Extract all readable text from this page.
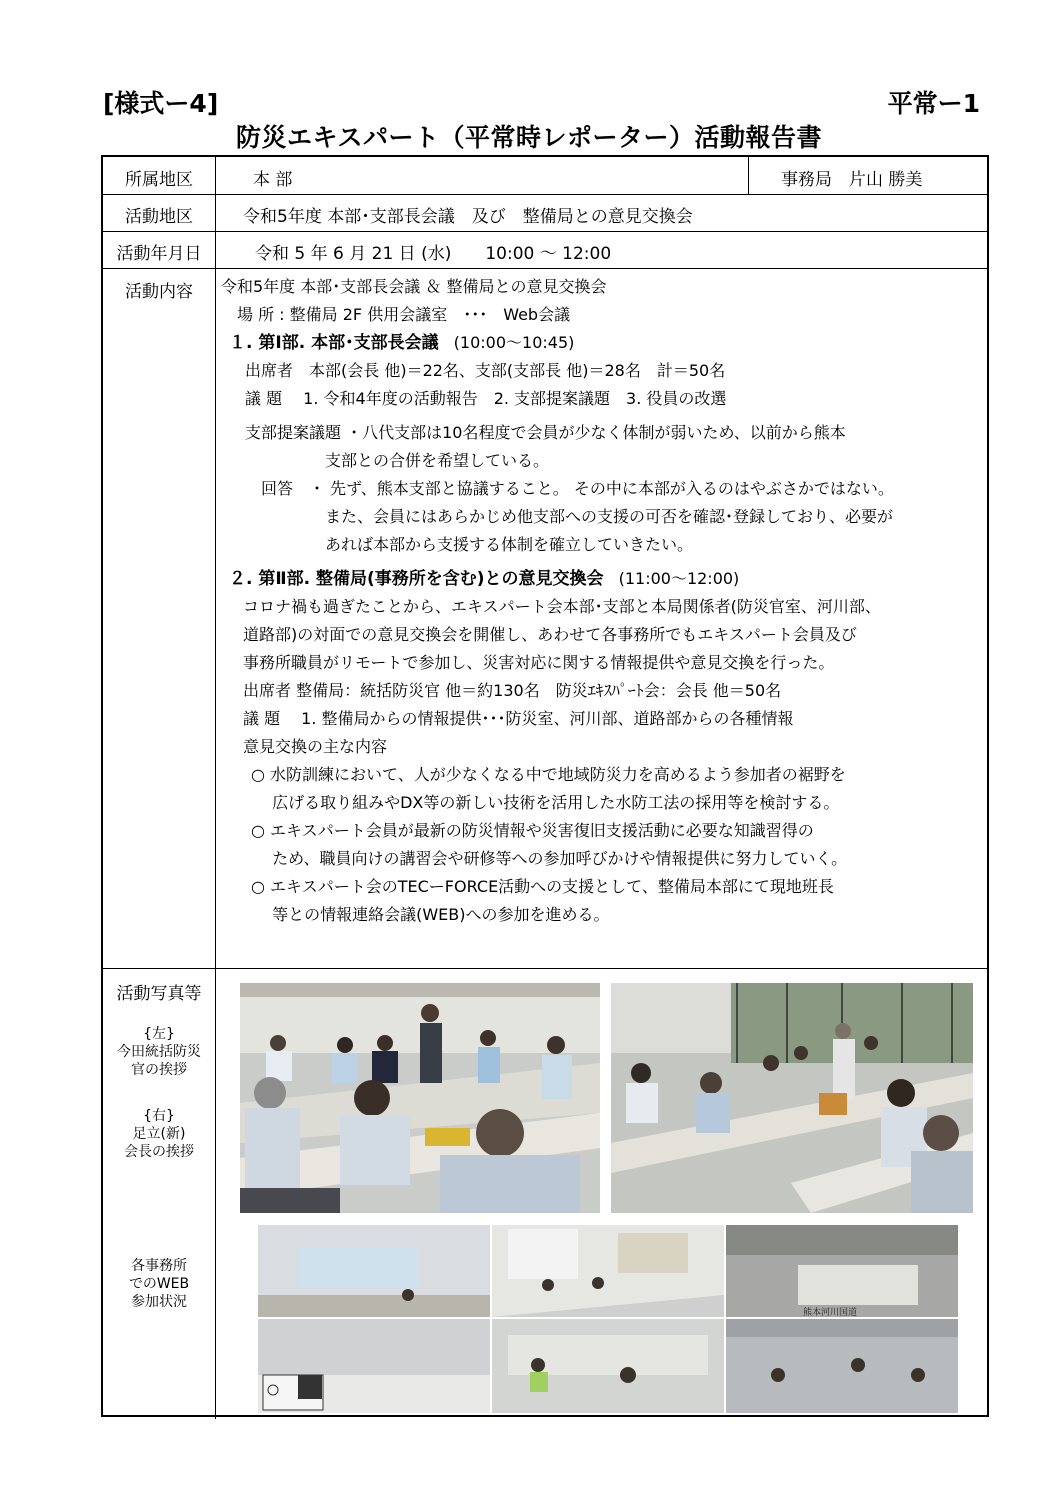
[様式ー4]	平常ー1
防災エキスパート（平常時レポーター）活動報告書
所属地区	本 部	事務局　片山 勝美
活動地区	令和5年度 本部･支部長会議　及び　整備局との意見交換会
活動年月日	令和 5 年 6 月 21 日 (水)　　10:00 ～ 12:00
活動内容	令和5年度 本部･支部長会議 ＆ 整備局との意見交換会
　場 所 : 整備局 2F 供用会議室　･･･　Web会議
１. 第Ⅰ部. 本部･支部長会議 (10:00～10:45)
出席者　本部(会長 他)＝22名、支部(支部長 他)＝28名　計＝50名
議 題　 1. 令和4年度の活動報告　2. 支部提案議題　3. 役員の改選
支部提案議題 ・八代支部は10名程度で会員が少なく体制が弱いため、以前から熊本
　　　　　支部との合併を希望している。
　回答　・ 先ず、熊本支部と協議すること。 その中に本部が入るのはやぶさかではない。
　　　　　また、会員にはあらかじめ他支部への支援の可否を確認･登録しており、必要が
　　　　　あれば本部から支援する体制を確立していきたい。
２. 第Ⅱ部. 整備局(事務所を含む)との意見交換会 (11:00～12:00)
コロナ禍も過ぎたことから、エキスパート会本部･支部と本局関係者(防災官室、河川部、
道路部)の対面での意見交換会を開催し、あわせて各事務所でもエキスパート会員及び
事務所職員がリモートで参加し、災害対応に関する情報提供や意見交換を行った。
出席者 整備局：統括防災官 他＝約130名　防災ｴｷｽﾊﾟｰﾄ会：会長 他＝50名
議 題　 1. 整備局からの情報提供･･･防災室、河川部、道路部からの各種情報
意見交換の主な内容
○ 水防訓練において、人が少なくなる中で地域防災力を高めるよう参加者の裾野を
　 広げる取り組みやDX等の新しい技術を活用した水防工法の採用等を検討する。
○ エキスパート会員が最新の防災情報や災害復旧支援活動に必要な知識習得の
　 ため、職員向けの講習会や研修等への参加呼びかけや情報提供に努力していく。
○ エキスパート会のTECーFORCE活動への支援として、整備局本部にて現地班長
　 等との情報連絡会議(WEB)への参加を進める。
活動写真等
{左}
今田統括防災
官の挨拶
{右}
足立(新)
会長の挨拶
各事務所
でのWEB
参加状況
熊本河川国道
